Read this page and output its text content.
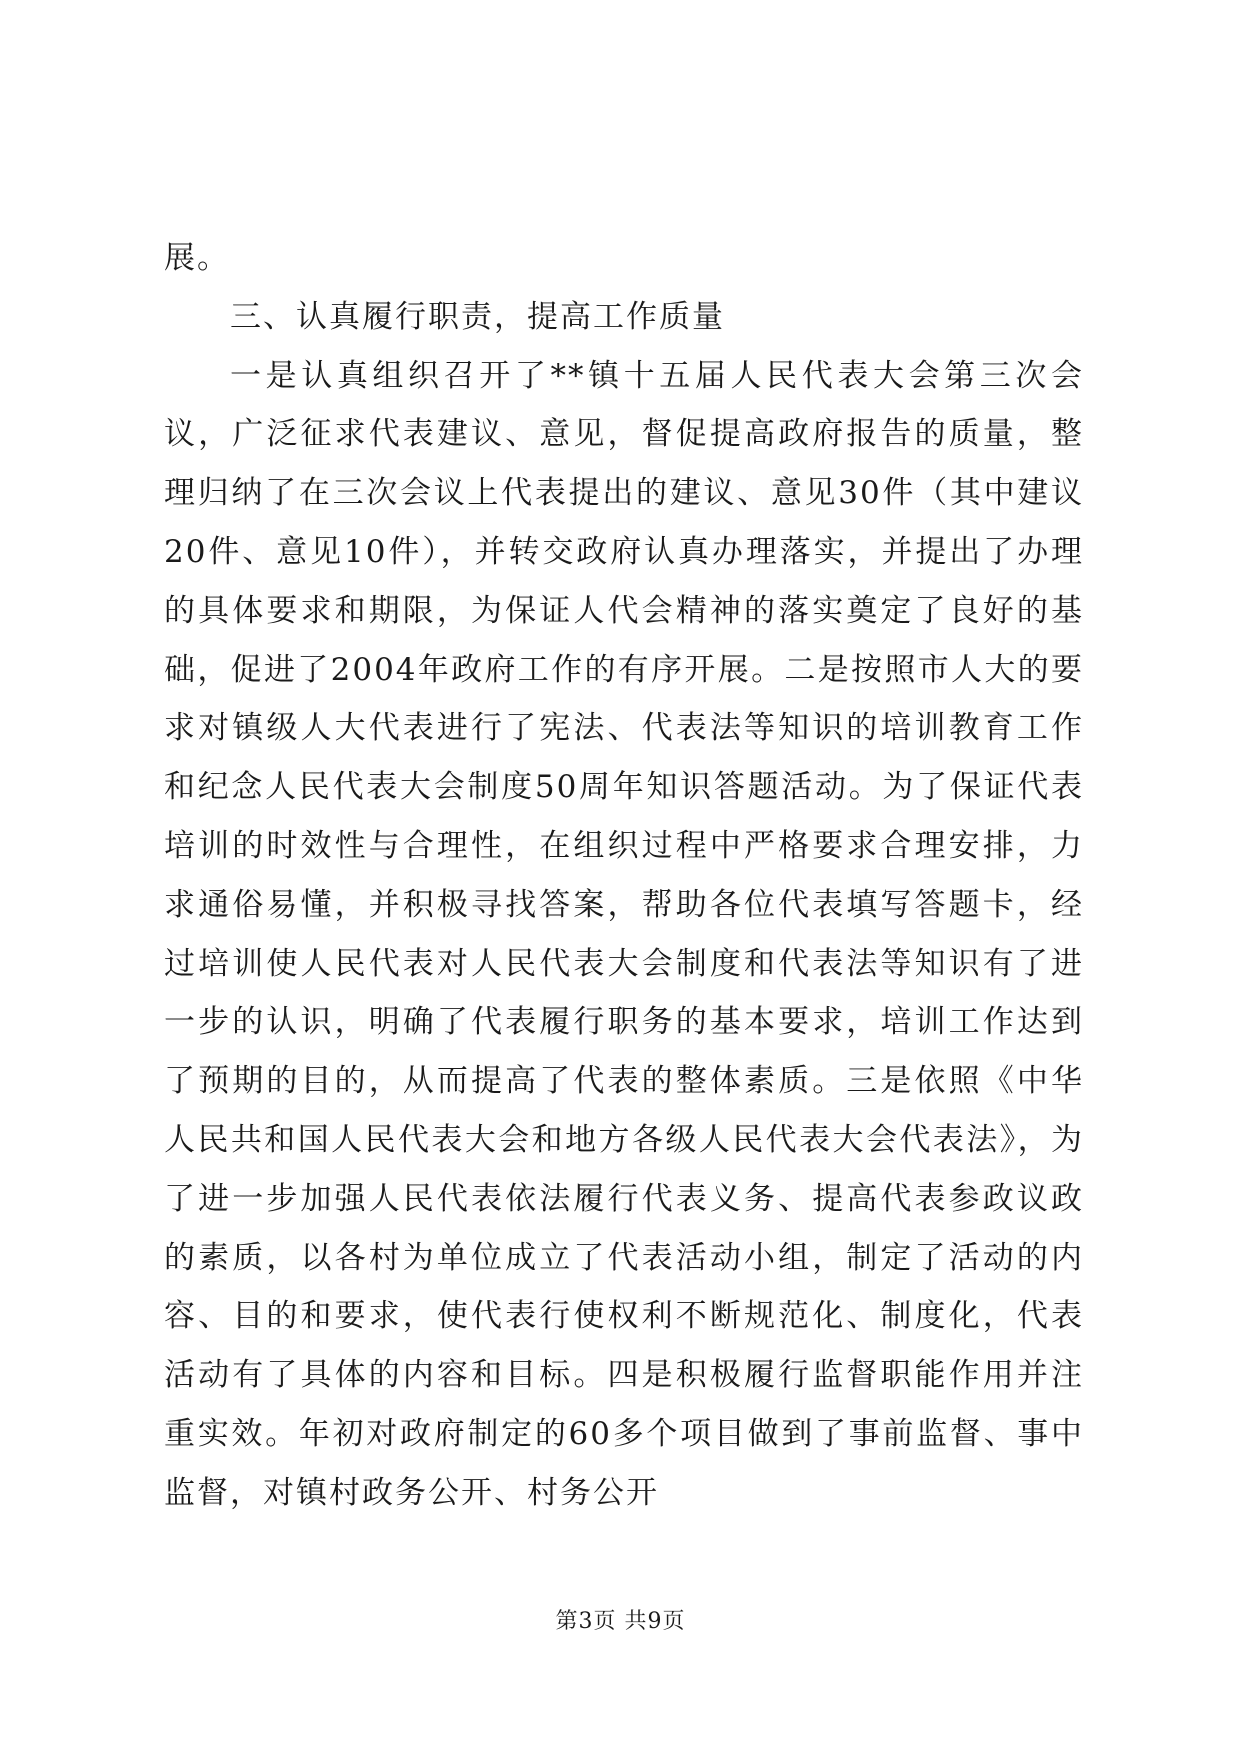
展。

三、认真履行职责，提高工作质量

一是认真组织召开了**镇十五届人民代表大会第三次会议，广泛征求代表建议、意见，督促提高政府报告的质量，整理归纳了在三次会议上代表提出的建议、意见30件（其中建议20件、意见10件），并转交政府认真办理落实，并提出了办理的具体要求和期限，为保证人代会精神的落实奠定了良好的基础，促进了2004年政府工作的有序开展。二是按照市人大的要求对镇级人大代表进行了宪法、代表法等知识的培训教育工作和纪念人民代表大会制度50周年知识答题活动。为了保证代表培训的时效性与合理性，在组织过程中严格要求合理安排，力求通俗易懂，并积极寻找答案，帮助各位代表填写答题卡，经过培训使人民代表对人民代表大会制度和代表法等知识有了进一步的认识，明确了代表履行职务的基本要求，培训工作达到了预期的目的，从而提高了代表的整体素质。三是依照《中华人民共和国人民代表大会和地方各级人民代表大会代表法》，为了进一步加强人民代表依法履行代表义务、提高代表参政议政的素质，以各村为单位成立了代表活动小组，制定了活动的内容、目的和要求，使代表行使权利不断规范化、制度化，代表活动有了具体的内容和目标。四是积极履行监督职能作用并注重实效。年初对政府制定的60多个项目做到了事前监督、事中监督，对镇村政务公开、村务公开

第3页 共9页
